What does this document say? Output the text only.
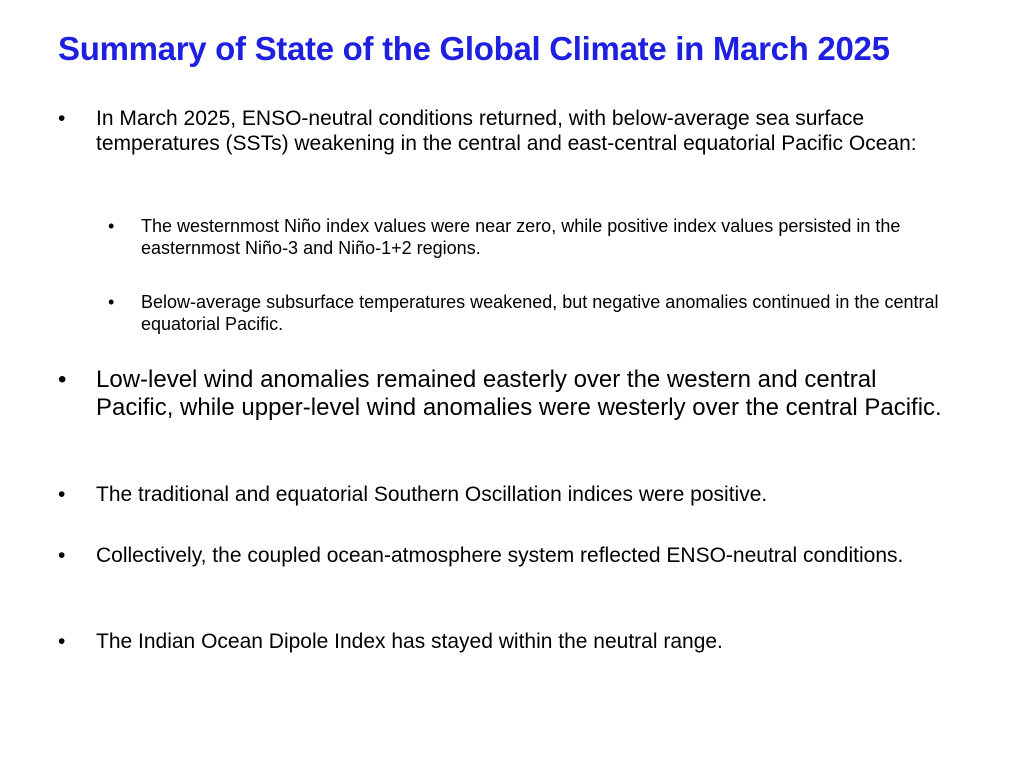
Summary of State of the Global Climate in March 2025
•	In March 2025, ENSO-neutral conditions returned, with below-average sea surface temperatures (SSTs) weakening in the central and east-central equatorial Pacific Ocean:
•	The westernmost Niño index values were near zero, while positive index values persisted in the easternmost Niño-3 and Niño-1+2 regions.
•	Below-average subsurface temperatures weakened, but negative anomalies continued in the central equatorial Pacific.
•	Low-level wind anomalies remained easterly over the western and central Pacific, while upper-level wind anomalies were westerly over the central Pacific.
•	The traditional and equatorial Southern Oscillation indices were positive.
•	Collectively, the coupled ocean-atmosphere system reflected ENSO-neutral conditions.
•	The Indian Ocean Dipole Index has stayed within the neutral range.
